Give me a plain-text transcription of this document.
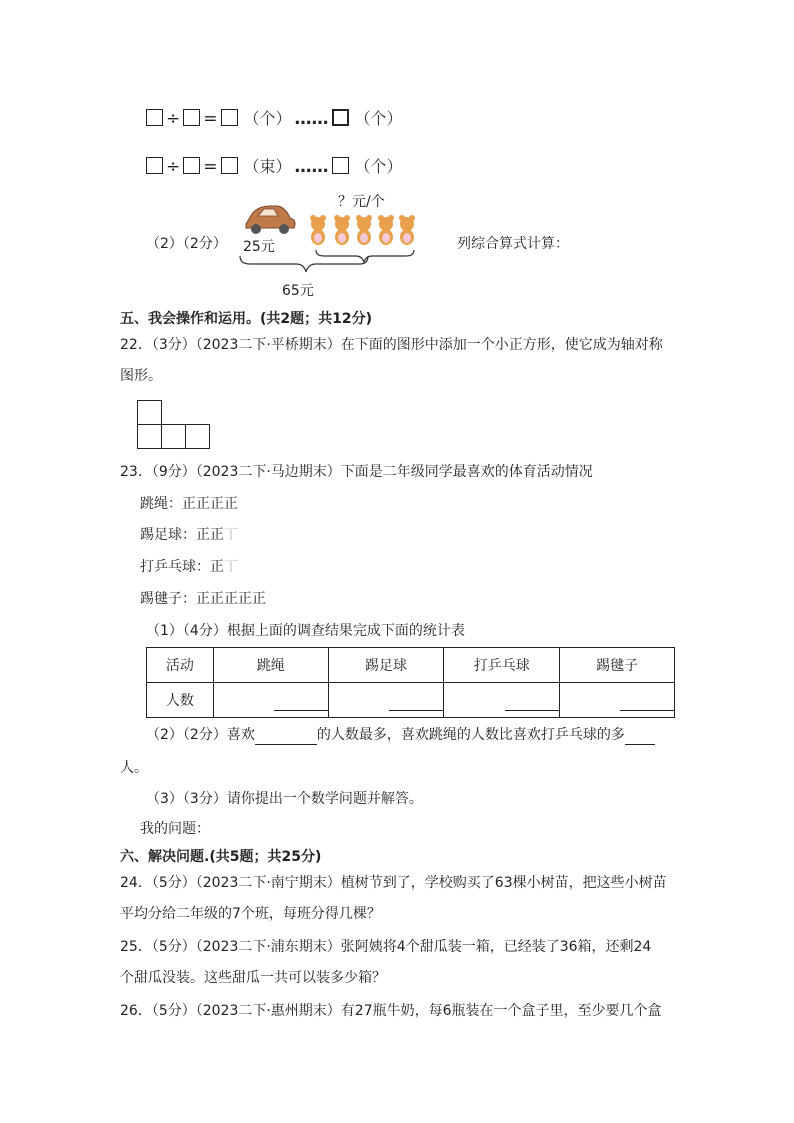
÷ = （个） …… （个）
÷ = （束） …… （个）
（2）（2分）
？元/个
25元
65元
列综合算式计算：
五、我会操作和运用。(共2题；共12分)
22．（3分）（2023二下·平桥期末）在下面的图形中添加一个小正方形，使它成为轴对称
图形。
23．（9分）（2023二下·马边期末）下面是二年级同学最喜欢的体育活动情况
跳绳：正正正正
踢足球：正正丅
打乒乓球：正丅
踢毽子：正正正正正
（1）（4分）根据上面的调查结果完成下面的统计表
活动	跳绳	踢足球	打乒乓球	踢毽子
人数	

（2）（2分）喜欢	的人数最多，喜欢跳绳的人数比喜欢打乒乓球的多
人。
（3）（3分）请你提出一个数学问题并解答。
我的问题：
六、解决问题.(共5题；共25分)
24．（5分）（2023二下·南宁期末）植树节到了，学校购买了63棵小树苗，把这些小树苗
平均分给二年级的7个班，每班分得几棵？
25．（5分）（2023二下·浦东期末）张阿姨将4个甜瓜装一箱，已经装了36箱，还剩24
个甜瓜没装。这些甜瓜一共可以装多少箱？
26．（5分）（2023二下·惠州期末）有27瓶牛奶，每6瓶装在一个盒子里，至少要几个盒
